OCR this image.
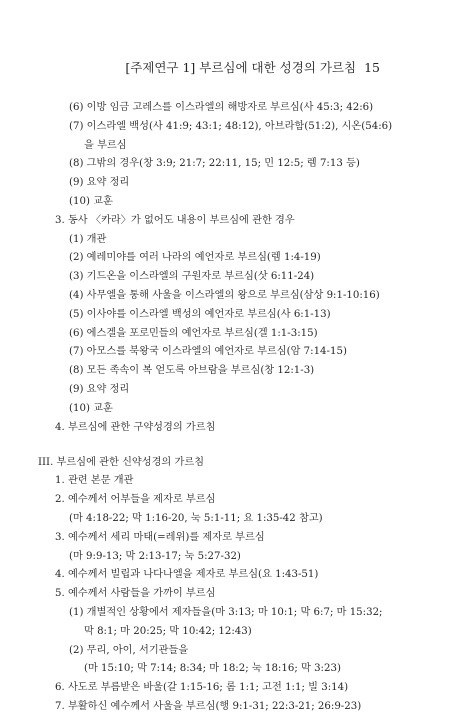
[주제연구 1] 부르심에 대한 성경의 가르침 15
(6) 이방 임금 고레스를 이스라엘의 해방자로 부르심(사 45:3; 42:6)
(7) 이스라엘 백성(사 41:9; 43:1; 48:12), 아브라함(51:2), 시온(54:6)
을 부르심
(8) 그밖의 경우(창 3:9; 21:7; 22:11, 15; 민 12:5; 렘 7:13 등)
(9) 요약 정리
(10) 교훈
3. 동사 〈카라〉가 없어도 내용이 부르심에 관한 경우
(1) 개관
(2) 예레미야를 여러 나라의 예언자로 부르심(렘 1:4-19)
(3) 기드온을 이스라엘의 구원자로 부르심(삿 6:11-24)
(4) 사무엘을 통해 사울을 이스라엘의 왕으로 부르심(삼상 9:1-10:16)
(5) 이사야를 이스라엘 백성의 예언자로 부르심(사 6:1-13)
(6) 에스겔을 포로민들의 예언자로 부르심(겔 1:1-3:15)
(7) 아모스를 북왕국 이스라엘의 예언자로 부르심(암 7:14-15)
(8) 모든 족속이 복 얻도록 아브람을 부르심(창 12:1-3)
(9) 요약 정리
(10) 교훈
4. 부르심에 관한 구약성경의 가르침
III. 부르심에 관한 신약성경의 가르침
1. 관련 본문 개관
2. 예수께서 어부들을 제자로 부르심
(마 4:18-22; 막 1:16-20, 눅 5:1-11; 요 1:35-42 참고)
3. 예수께서 세리 마태(=레위)를 제자로 부르심
(마 9:9-13; 막 2:13-17; 눅 5:27-32)
4. 예수께서 빌립과 나다나엘을 제자로 부르심(요 1:43-51)
5. 예수께서 사람들을 가까이 부르심
(1) 개별적인 상황에서 제자들을(마 3:13; 마 10:1; 막 6:7; 마 15:32;
막 8:1; 마 20:25; 막 10:42; 12:43)
(2) 무리, 아이, 서기관들을
(마 15:10; 막 7:14; 8:34; 마 18:2; 눅 18:16; 막 3:23)
6. 사도로 부름받은 바울(갈 1:15-16; 롬 1:1; 고전 1:1; 빌 3:14)
7. 부활하신 예수께서 사울을 부르심(행 9:1-31; 22:3-21; 26:9-23)
